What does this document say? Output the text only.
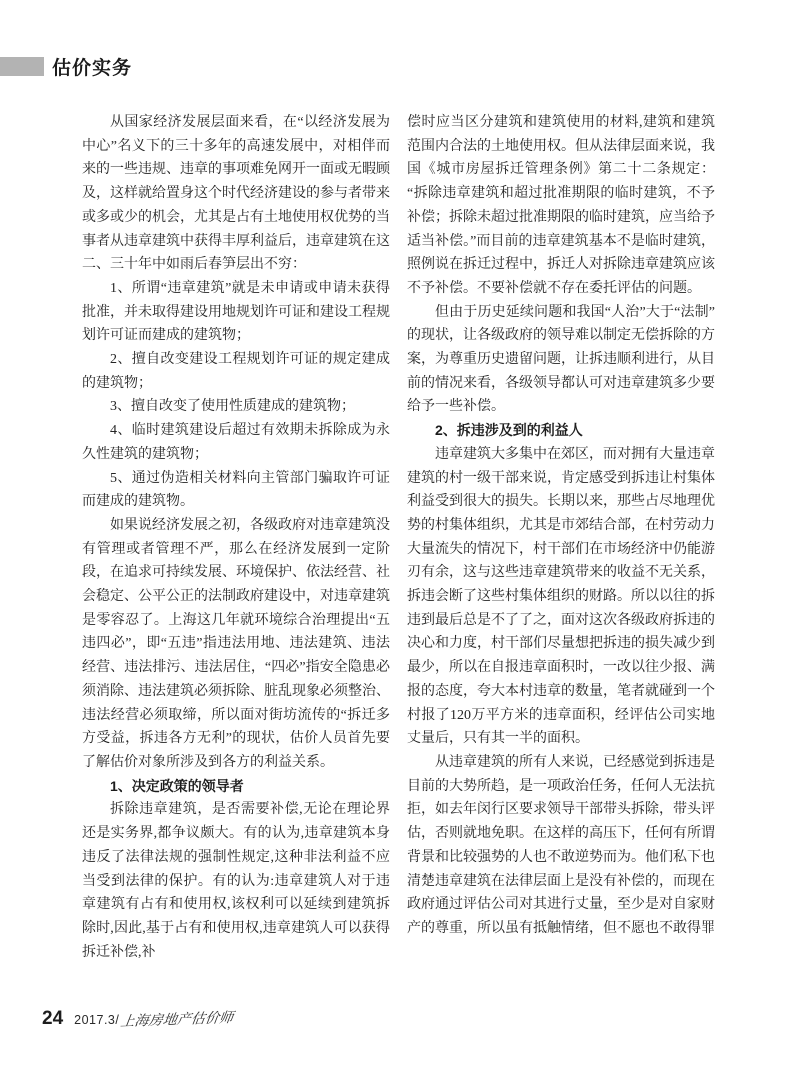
估价实务

从国家经济发展层面来看，在“以经济发展为中心”名义下的三十多年的高速发展中，对相伴而来的一些违规、违章的事项难免网开一面或无暇顾及，这样就给置身这个时代经济建设的参与者带来或多或少的机会，尤其是占有土地使用权优势的当事者从违章建筑中获得丰厚利益后，违章建筑在这二、三十年中如雨后春笋层出不穷：

1、所谓“违章建筑”就是未申请或申请未获得批准，并未取得建设用地规划许可证和建设工程规划许可证而建成的建筑物；

2、擅自改变建设工程规划许可证的规定建成的建筑物；

3、擅自改变了使用性质建成的建筑物；

4、临时建筑建设后超过有效期未拆除成为永久性建筑的建筑物；

5、通过伪造相关材料向主管部门骗取许可证而建成的建筑物。

如果说经济发展之初，各级政府对违章建筑没有管理或者管理不严，那么在经济发展到一定阶段，在追求可持续发展、环境保护、依法经营、社会稳定、公平公正的法制政府建设中，对违章建筑是零容忍了。上海这几年就环境综合治理提出“五违四必”，即“五违”指违法用地、违法建筑、违法经营、违法排污、违法居住，“四必”指安全隐患必须消除、违法建筑必须拆除、脏乱现象必须整治、违法经营必须取缔，所以面对街坊流传的“拆迁多方受益，拆违各方无利”的现状，估价人员首先要了解估价对象所涉及到各方的利益关系。

1、决定政策的领导者

拆除违章建筑，是否需要补偿,无论在理论界还是实务界,都争议颇大。有的认为,违章建筑本身违反了法律法规的强制性规定,这种非法利益不应当受到法律的保护。有的认为:违章建筑人对于违章建筑有占有和使用权,该权利可以延续到建筑拆除时,因此,基于占有和使用权,违章建筑人可以获得拆迁补偿,补

偿时应当区分建筑和建筑使用的材料,建筑和建筑范围内合法的土地使用权。但从法律层面来说，我国《城市房屋拆迁管理条例》第二十二条规定：“拆除违章建筑和超过批准期限的临时建筑，不予补偿；拆除未超过批准期限的临时建筑，应当给予适当补偿。”而目前的违章建筑基本不是临时建筑，照例说在拆迁过程中，拆迁人对拆除违章建筑应该不予补偿。不要补偿就不存在委托评估的问题。

但由于历史延续问题和我国“人治”大于“法制”的现状，让各级政府的领导难以制定无偿拆除的方案，为尊重历史遗留问题，让拆违顺利进行，从目前的情况来看，各级领导都认可对违章建筑多少要给予一些补偿。

2、拆违涉及到的利益人

违章建筑大多集中在郊区，而对拥有大量违章建筑的村一级干部来说，肯定感受到拆违让村集体利益受到很大的损失。长期以来，那些占尽地理优势的村集体组织，尤其是市郊结合部，在村劳动力大量流失的情况下，村干部们在市场经济中仍能游刃有余，这与这些违章建筑带来的收益不无关系，拆违会断了这些村集体组织的财路。所以以往的拆违到最后总是不了了之，面对这次各级政府拆违的决心和力度，村干部们尽量想把拆违的损失减少到最少，所以在自报违章面积时，一改以往少报、满报的态度，夸大本村违章的数量，笔者就碰到一个村报了120万平方米的违章面积，经评估公司实地丈量后，只有其一半的面积。

从违章建筑的所有人来说，已经感觉到拆违是目前的大势所趋，是一项政治任务，任何人无法抗拒，如去年闵行区要求领导干部带头拆除，带头评估，否则就地免职。在这样的高压下，任何有所谓背景和比较强势的人也不敢逆势而为。他们私下也清楚违章建筑在法律层面上是没有补偿的，而现在政府通过评估公司对其进行丈量，至少是对自家财产的尊重，所以虽有抵触情绪，但不愿也不敢得罪

24 2017.3/ 上海房地产估价师
